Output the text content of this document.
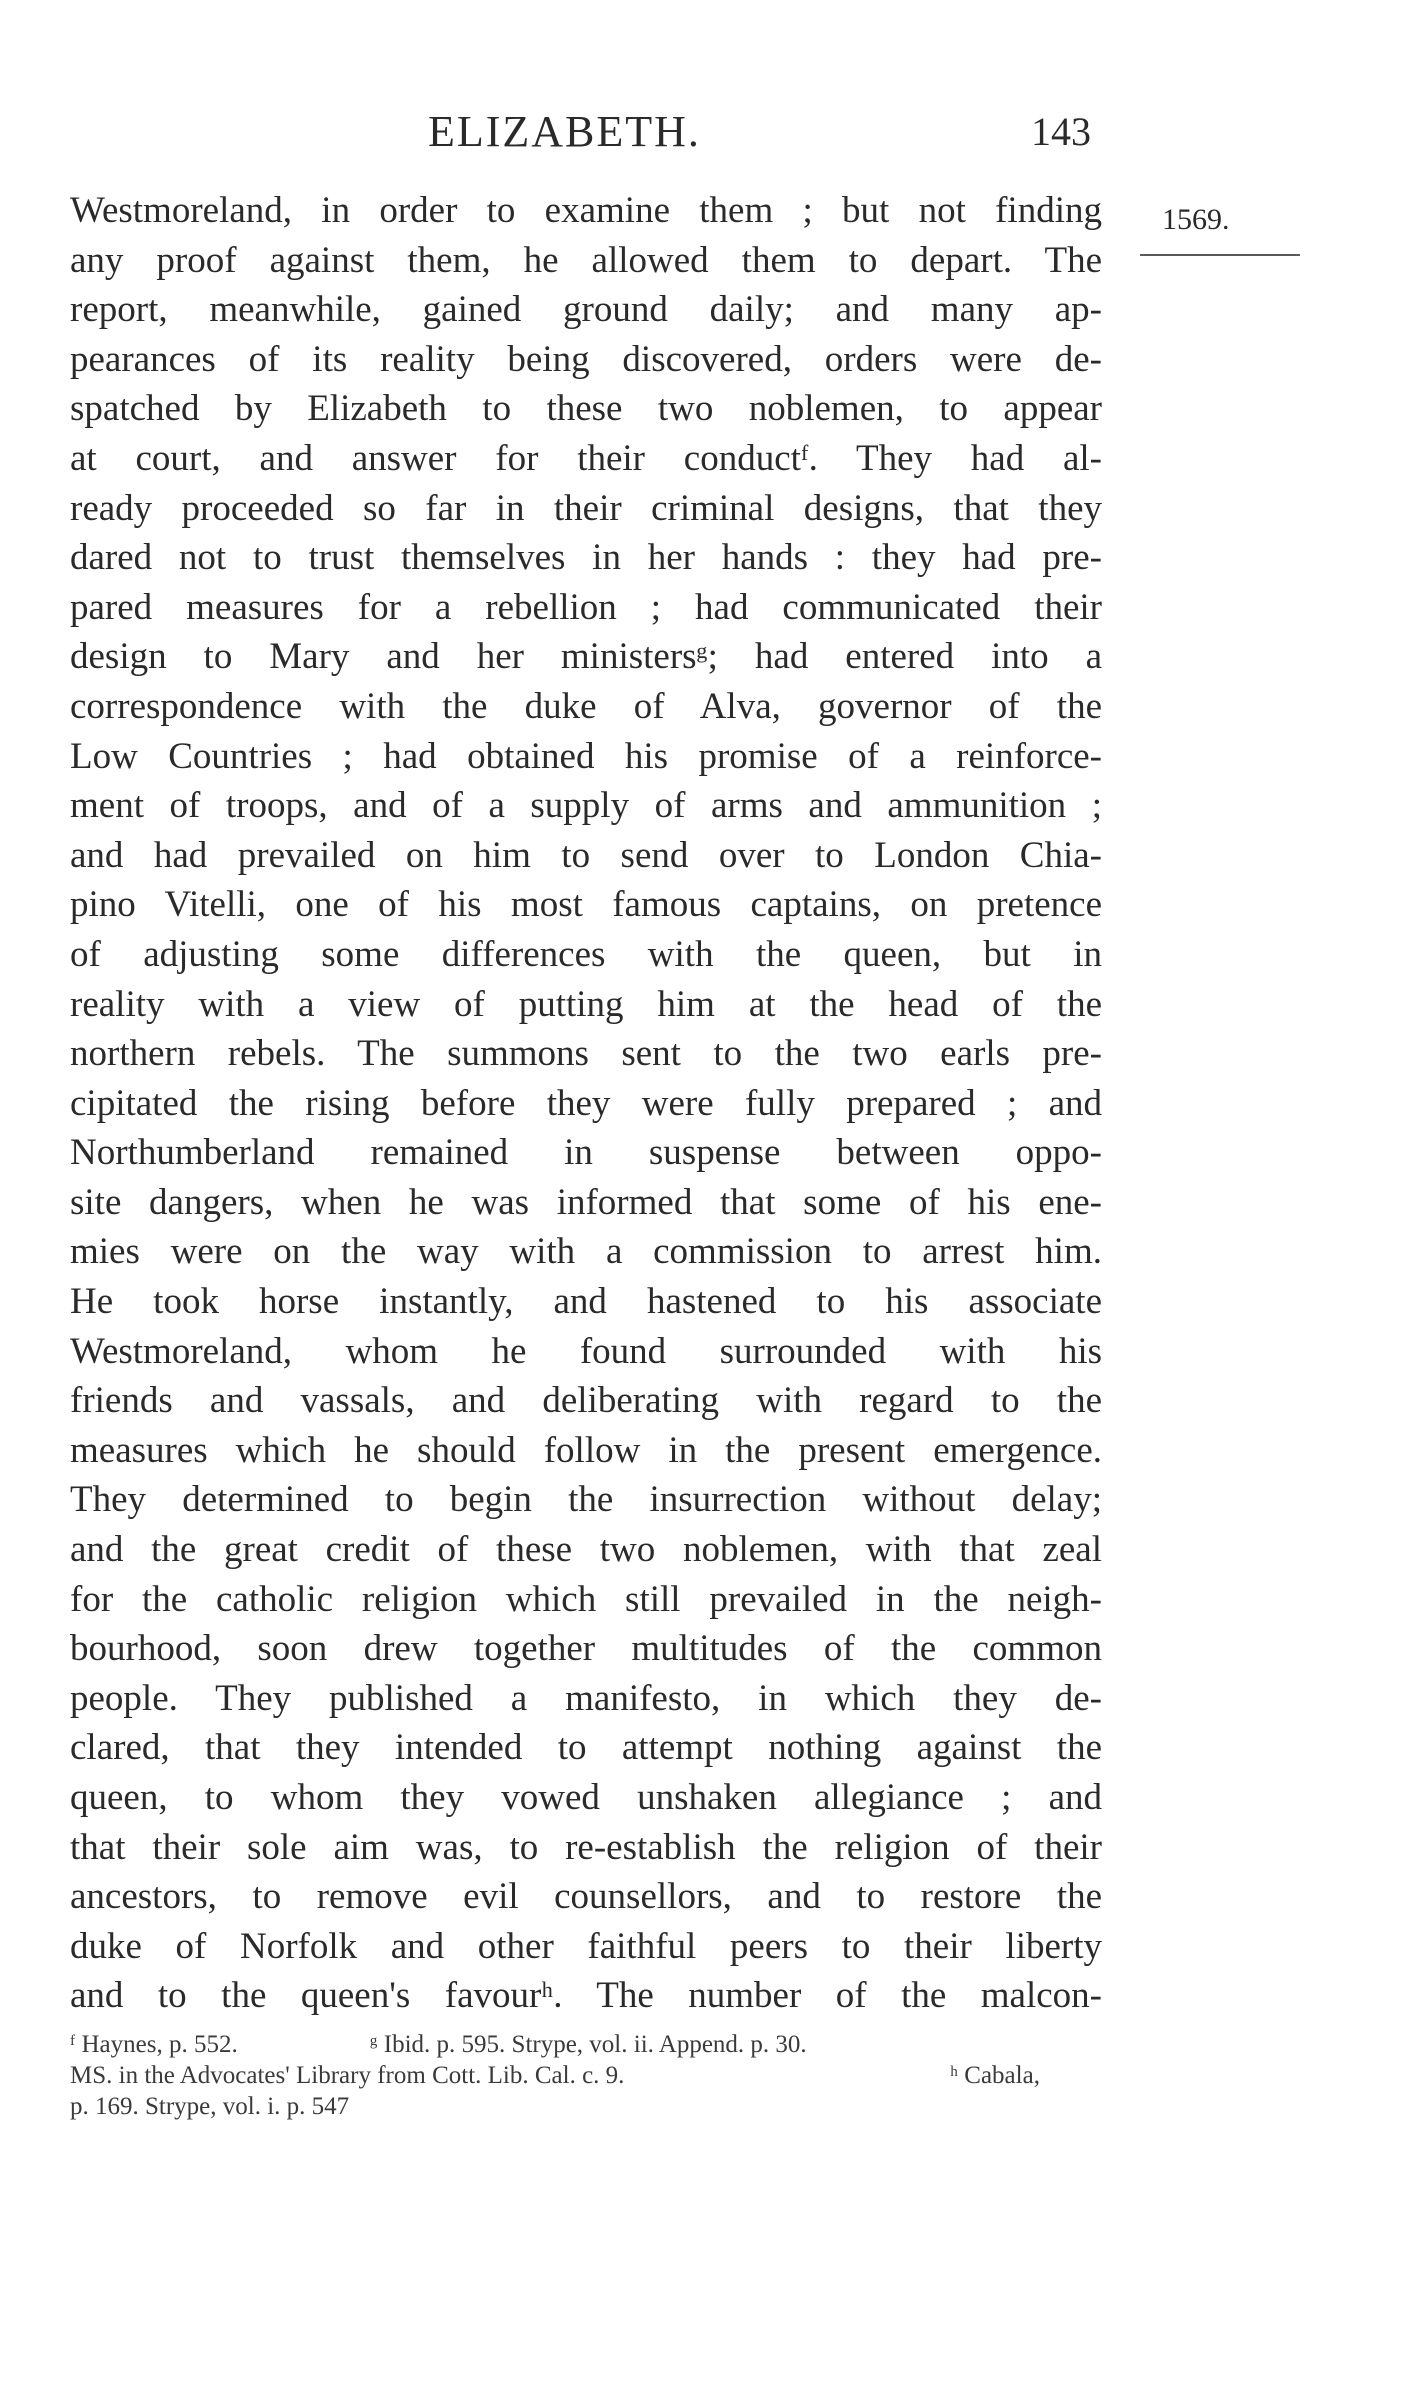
ELIZABETH.	143
1569.
Westmoreland, in order to examine them ; but not finding
any proof against them, he allowed them to depart. The
report, meanwhile, gained ground daily; and many ap-
pearances of its reality being discovered, orders were de-
spatched by Elizabeth to these two noblemen, to appear
at court, and answer for their conductᶠ. They had al-
ready proceeded so far in their criminal designs, that they
dared not to trust themselves in her hands : they had pre-
pared measures for a rebellion ; had communicated their
design to Mary and her ministersᵍ; had entered into a
correspondence with the duke of Alva, governor of the
Low Countries ; had obtained his promise of a reinforce-
ment of troops, and of a supply of arms and ammunition ;
and had prevailed on him to send over to London Chia-
pino Vitelli, one of his most famous captains, on pretence
of adjusting some differences with the queen, but in
reality with a view of putting him at the head of the
northern rebels. The summons sent to the two earls pre-
cipitated the rising before they were fully prepared ; and
Northumberland remained in suspense between oppo-
site dangers, when he was informed that some of his ene-
mies were on the way with a commission to arrest him.
He took horse instantly, and hastened to his associate
Westmoreland, whom he found surrounded with his
friends and vassals, and deliberating with regard to the
measures which he should follow in the present emergence.
They determined to begin the insurrection without delay;
and the great credit of these two noblemen, with that zeal
for the catholic religion which still prevailed in the neigh-
bourhood, soon drew together multitudes of the common
people. They published a manifesto, in which they de-
clared, that they intended to attempt nothing against the
queen, to whom they vowed unshaken allegiance ; and
that their sole aim was, to re-establish the religion of their
ancestors, to remove evil counsellors, and to restore the
duke of Norfolk and other faithful peers to their liberty
and to the queen's favourʰ. The number of the malcon-
ᶠ Haynes, p. 552.	ᵍ Ibid. p. 595. Strype, vol. ii. Append. p. 30.
MS. in the Advocates' Library from Cott. Lib. Cal. c. 9.	ʰ Cabala,
p. 169. Strype, vol. i. p. 547
